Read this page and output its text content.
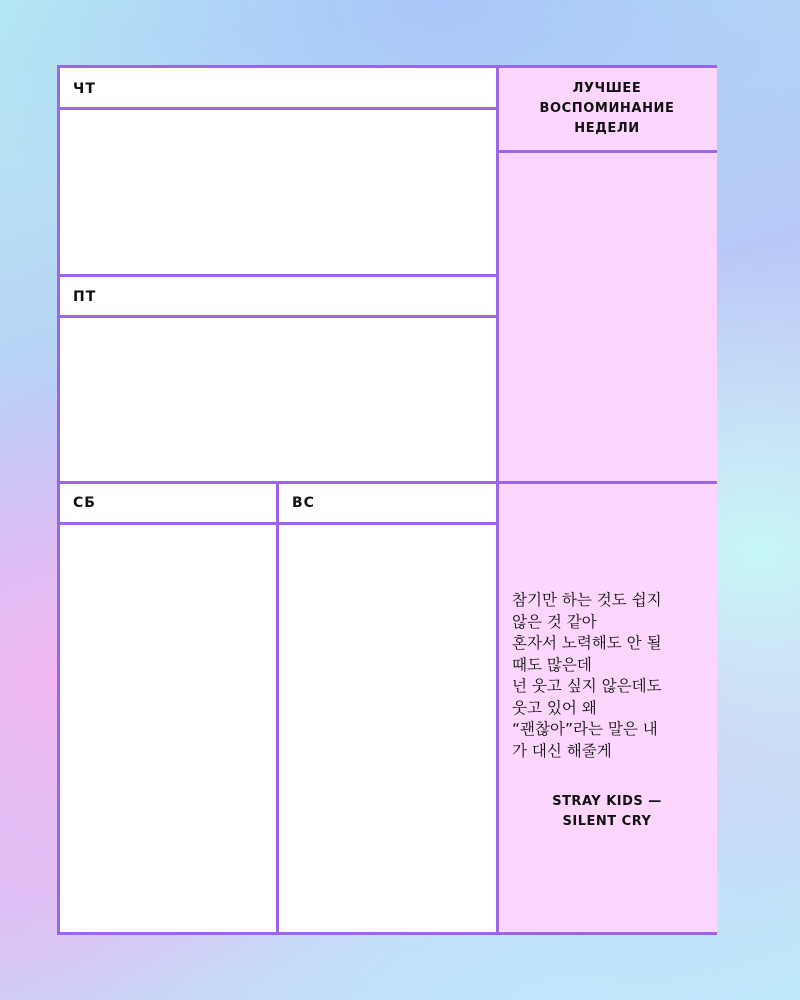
ЧТ
ПТ
СБ	ВС
ЛУЧШЕЕ
ВОСПОМИНАНИЕ
НЕДЕЛИ
참기만 하는 것도 쉽지
않은 것 같아
혼자서 노력해도 안 될
때도 많은데
넌 웃고 싶지 않은데도
웃고 있어 왜
“괜찮아”라는 말은 내
가 대신 해줄게
STRAY KIDS —
SILENT CRY
